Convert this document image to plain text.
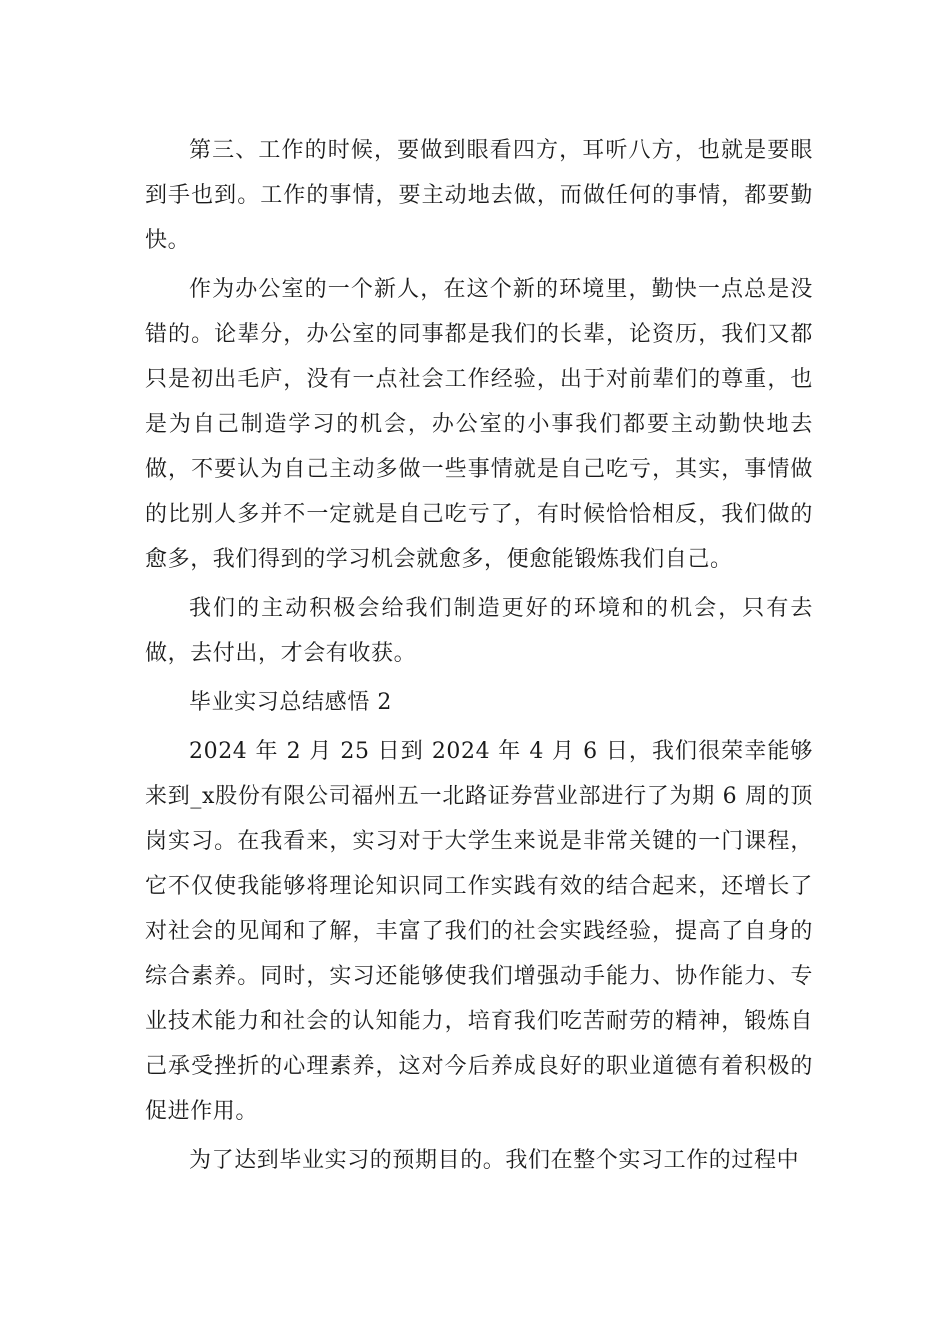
第三、工作的时候，要做到眼看四方，耳听八方，也就是要眼到手也到。工作的事情，要主动地去做，而做任何的事情，都要勤快。

作为办公室的一个新人，在这个新的环境里，勤快一点总是没错的。论辈分，办公室的同事都是我们的长辈，论资历，我们又都只是初出毛庐，没有一点社会工作经验，出于对前辈们的尊重，也是为自己制造学习的机会，办公室的小事我们都要主动勤快地去做，不要认为自己主动多做一些事情就是自己吃亏，其实，事情做的比别人多并不一定就是自己吃亏了，有时候恰恰相反，我们做的愈多，我们得到的学习机会就愈多，便愈能锻炼我们自己。

我们的主动积极会给我们制造更好的环境和的机会，只有去做，去付出，才会有收获。

毕业实习总结感悟 2

2024 年 2 月 25 日到 2024 年 4 月 6 日，我们很荣幸能够来到_x股份有限公司福州五一北路证券营业部进行了为期 6 周的顶岗实习。在我看来，实习对于大学生来说是非常关键的一门课程，它不仅使我能够将理论知识同工作实践有效的结合起来，还增长了对社会的见闻和了解，丰富了我们的社会实践经验，提高了自身的综合素养。同时，实习还能够使我们增强动手能力、协作能力、专业技术能力和社会的认知能力，培育我们吃苦耐劳的精神，锻炼自己承受挫折的心理素养，这对今后养成良好的职业道德有着积极的促进作用。

为了达到毕业实习的预期目的。我们在整个实习工作的过程中
